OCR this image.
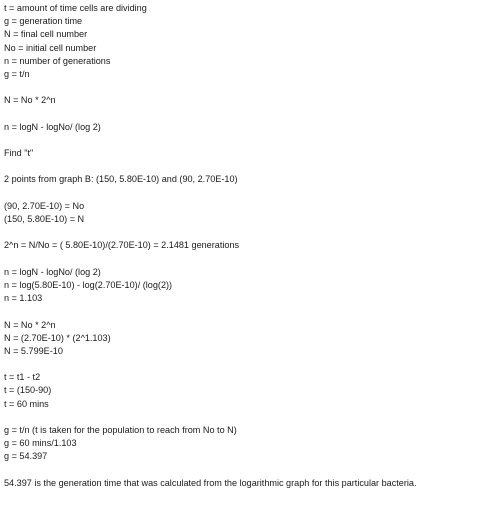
t = amount of time cells are dividing
g = generation time
N = final cell number
No = initial cell number
n = number of generations
g = t/n
N = No * 2^n
n = logN - logNo/ (log 2)
Find "t"
2 points from graph B: (150, 5.80E-10) and (90, 2.70E-10)
(90, 2.70E-10) = No
(150, 5.80E-10) = N
2^n = N/No = ( 5.80E-10)/(2.70E-10) = 2.1481 generations
n = logN - logNo/ (log 2)
n = log(5.80E-10) - log(2.70E-10)/ (log(2))
n = 1.103
N = No * 2^n
N = (2.70E-10) * (2^1.103)
N = 5.799E-10
t = t1 - t2
t = (150-90)
t = 60 mins
g = t/n (t is taken for the population to reach from No to N)
g = 60 mins/1.103
g = 54.397
54.397 is the generation time that was calculated from the logarithmic graph for this particular bacteria.
